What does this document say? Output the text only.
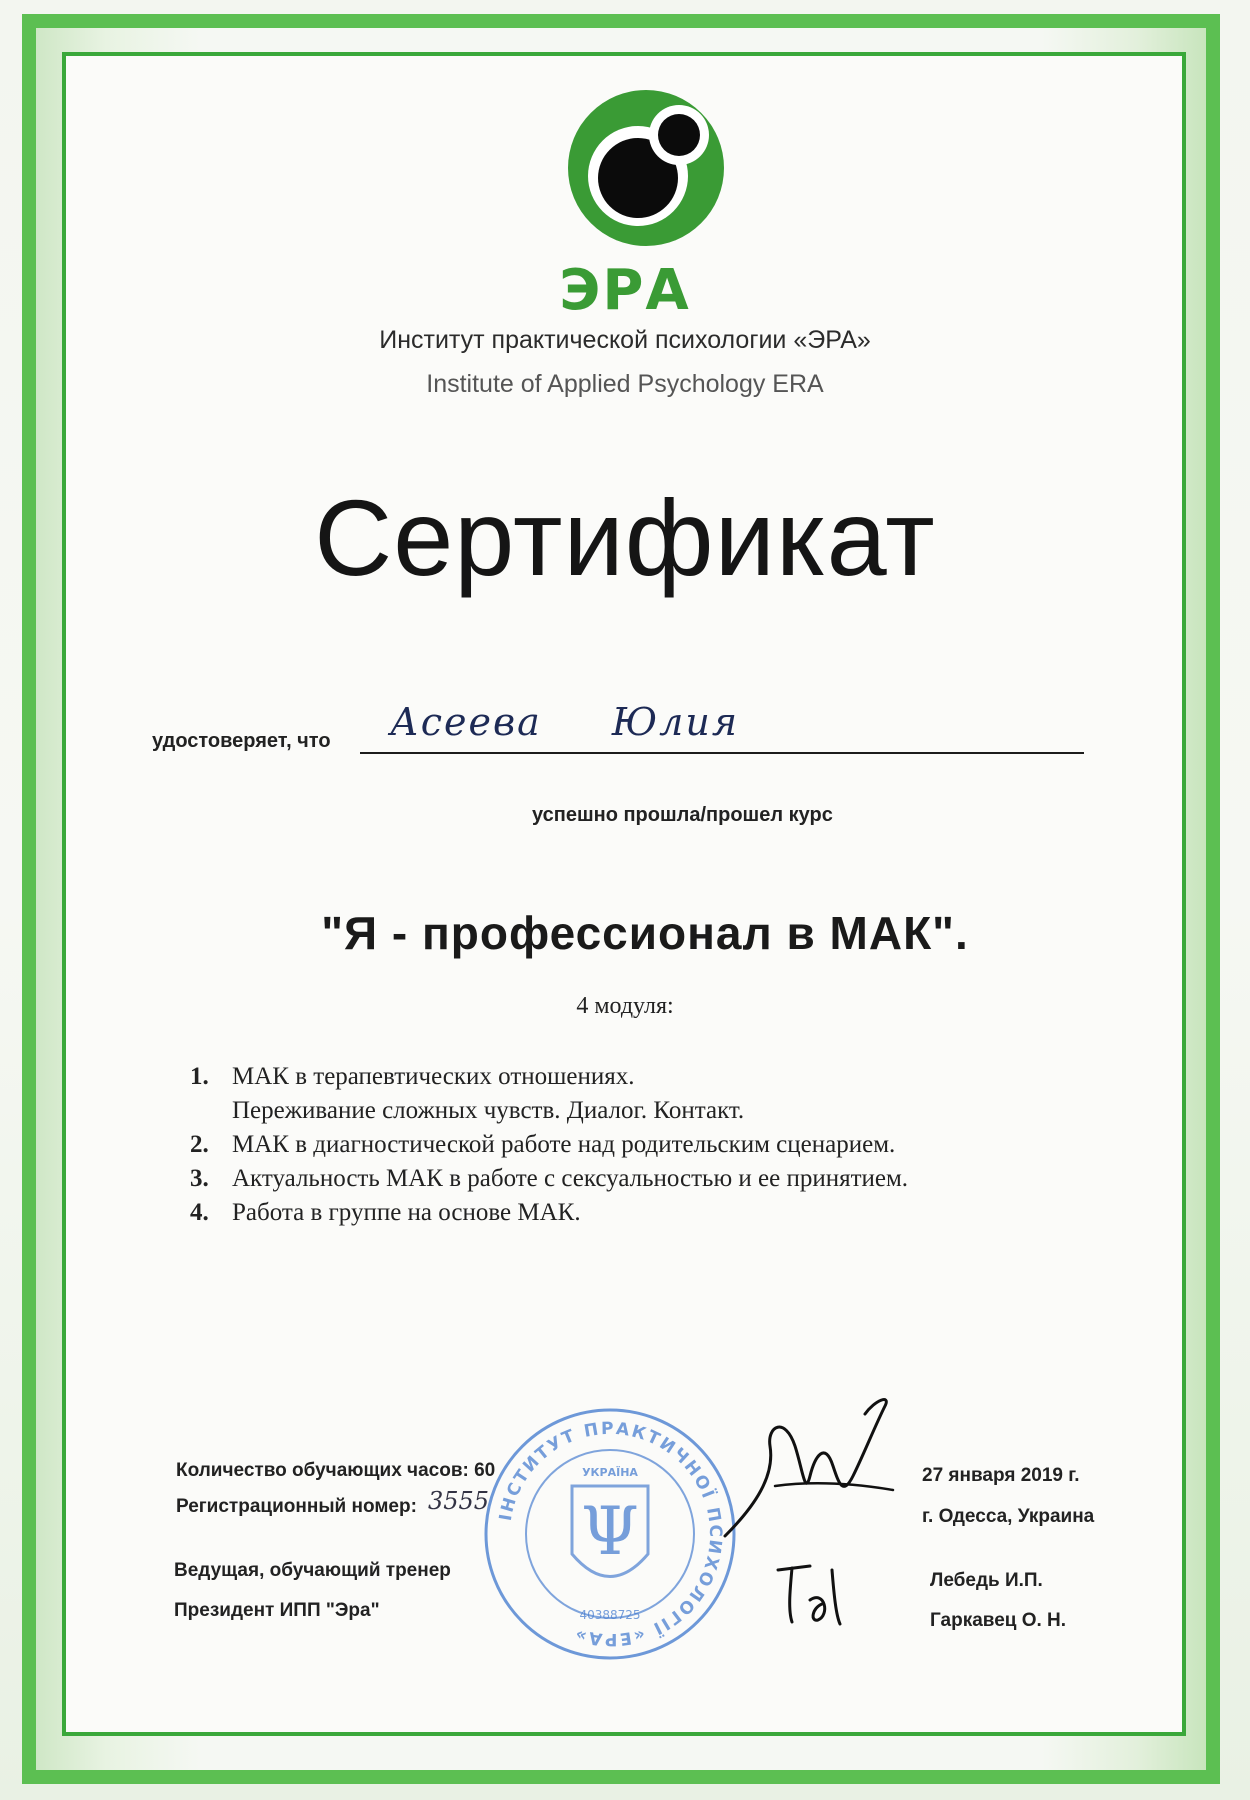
ЭРА
Институт практической психологии «ЭРА»
Institute of Applied Psychology ERA
Сертификат
удостоверяет, что Асеева Юлия
успешно прошла/прошел курс
"Я - профессионал в МАК".
4 модуля:
1. МАК в терапевтических отношениях.
Переживание сложных чувств. Диалог. Контакт.
2. МАК в диагностической работе над родительским сценарием.
3. Актуальность МАК в работе с сексуальностью и ее принятием.
4. Работа в группе на основе МАК.
Количество обучающих часов: 60
Регистрационный номер: 3555
Ведущая, обучающий тренер
Президент ИПП "Эра"
ІНСТИТУТ ПРАКТИЧНОЇ ПСИХОЛОГІЇ «ЕРА»
УКРАЇНА
Ψ
40388725
27 января 2019 г.
г. Одесса, Украина
Лебедь И.П.
Гаркавец О. Н.
